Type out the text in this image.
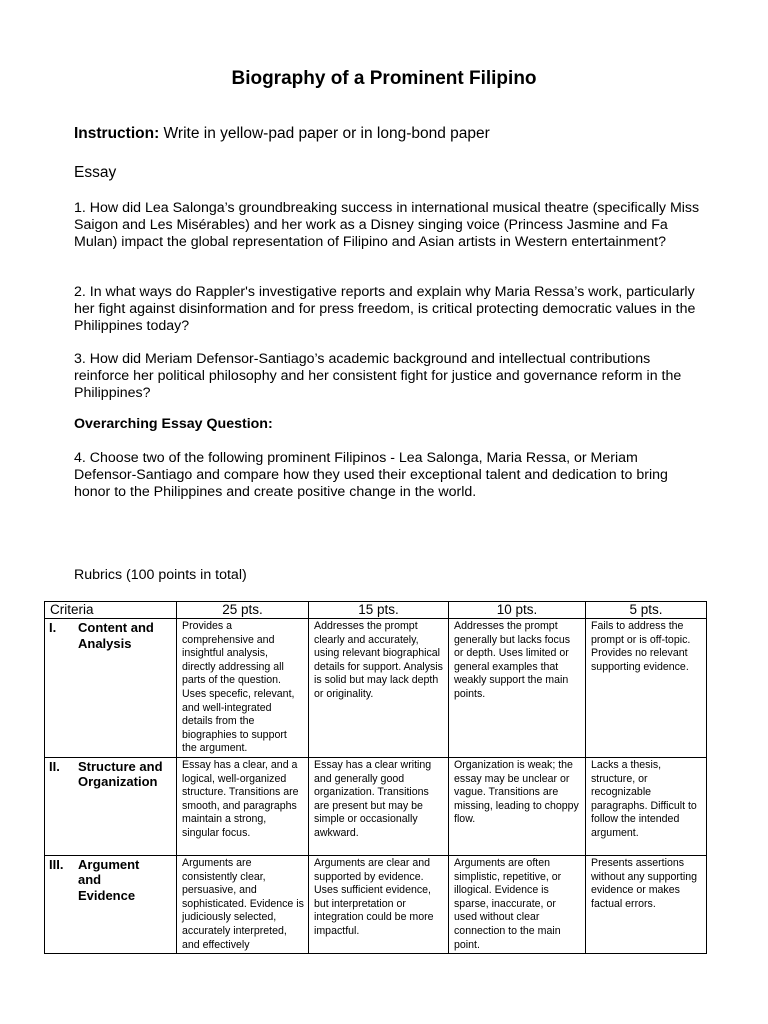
Biography of a Prominent Filipino
Instruction: Write in yellow-pad paper or in long-bond paper
Essay
1. How did Lea Salonga’s groundbreaking success in international musical theatre (specifically Miss Saigon and Les Misérables) and her work as a Disney singing voice (Princess Jasmine and Fa Mulan) impact the global representation of Filipino and Asian artists in Western entertainment?
2. In what ways do Rappler's investigative reports and explain why Maria Ressa’s work, particularly her fight against disinformation and for press freedom, is critical protecting democratic values in the Philippines today?
3. How did Meriam Defensor-Santiago’s academic background and intellectual contributions reinforce her political philosophy and her consistent fight for justice and governance reform in the Philippines?
Overarching Essay Question:
4. Choose two of the following prominent Filipinos - Lea Salonga, Maria Ressa, or Meriam Defensor-Santiago and compare how they used their exceptional talent and dedication to bring honor to the Philippines and create positive change in the world.
Rubrics (100 points in total)
Criteria	25 pts.	15 pts.	10 pts.	5 pts.

I. Content and Analysis	Provides a comprehensive and insightful analysis, directly addressing all parts of the question. Uses specefic, relevant, and well-integrated details from the biographies to support the argument.	Addresses the prompt clearly and accurately, using relevant biographical details for support. Analysis is solid but may lack depth or originality.	Addresses the prompt generally but lacks focus or depth. Uses limited or general examples that weakly support the main points.	Fails to address the prompt or is off-topic. Provides no relevant supporting evidence.

II. Structure and Organization	Essay has a clear, and a logical, well-organized structure. Transitions are smooth, and paragraphs maintain a strong, singular focus.	Essay has a clear writing and generally good organization. Transitions are present but may be simple or occasionally awkward.	Organization is weak; the essay may be unclear or vague. Transitions are missing, leading to choppy flow.	Lacks a thesis, structure, or recognizable paragraphs. Difficult to follow the intended argument.

III. Argument and Evidence	Arguments are consistently clear, persuasive, and sophisticated. Evidence is judiciously selected, accurately interpreted, and effectively	Arguments are clear and supported by evidence. Uses sufficient evidence, but interpretation or integration could be more impactful.	Arguments are often simplistic, repetitive, or illogical. Evidence is sparse, inaccurate, or used without clear connection to the main point.	Presents assertions without any supporting evidence or makes factual errors.
